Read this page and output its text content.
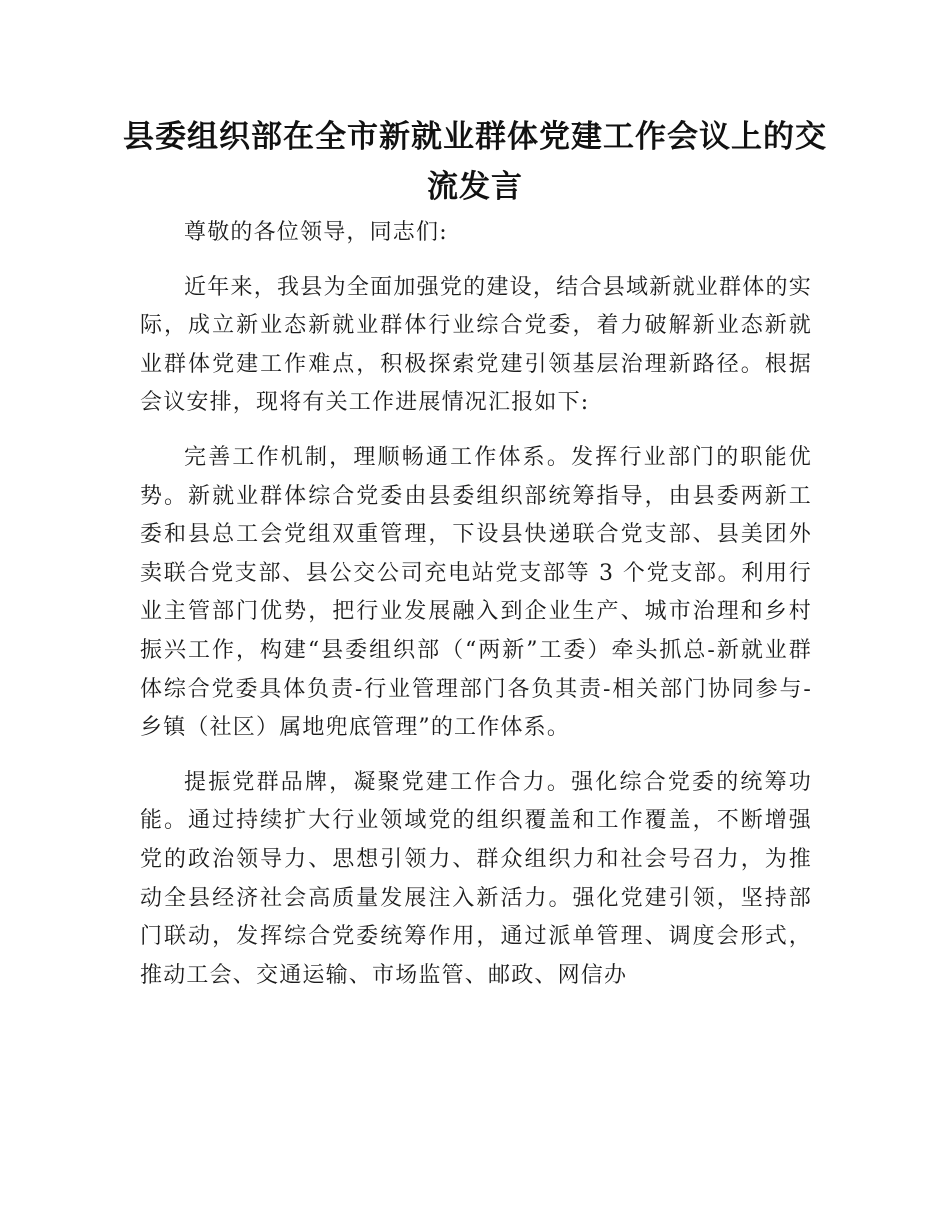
县委组织部在全市新就业群体党建工作会议上的交流发言

尊敬的各位领导，同志们:

近年来，我县为全面加强党的建设，结合县域新就业群体的实际，成立新业态新就业群体行业综合党委，着力破解新业态新就业群体党建工作难点，积极探索党建引领基层治理新路径。根据会议安排，现将有关工作进展情况汇报如下:

完善工作机制，理顺畅通工作体系。发挥行业部门的职能优势。新就业群体综合党委由县委组织部统筹指导，由县委两新工委和县总工会党组双重管理，下设县快递联合党支部、县美团外卖联合党支部、县公交公司充电站党支部等 3 个党支部。利用行业主管部门优势，把行业发展融入到企业生产、城市治理和乡村振兴工作，构建“县委组织部（“两新”工委）牵头抓总-新就业群体综合党委具体负责-行业管理部门各负其责-相关部门协同参与-乡镇（社区）属地兜底管理”的工作体系。

提振党群品牌，凝聚党建工作合力。强化综合党委的统筹功能。通过持续扩大行业领域党的组织覆盖和工作覆盖，不断增强党的政治领导力、思想引领力、群众组织力和社会号召力，为推动全县经济社会高质量发展注入新活力。强化党建引领，坚持部门联动，发挥综合党委统筹作用，通过派单管理、调度会形式，推动工会、交通运输、市场监管、邮政、网信办
